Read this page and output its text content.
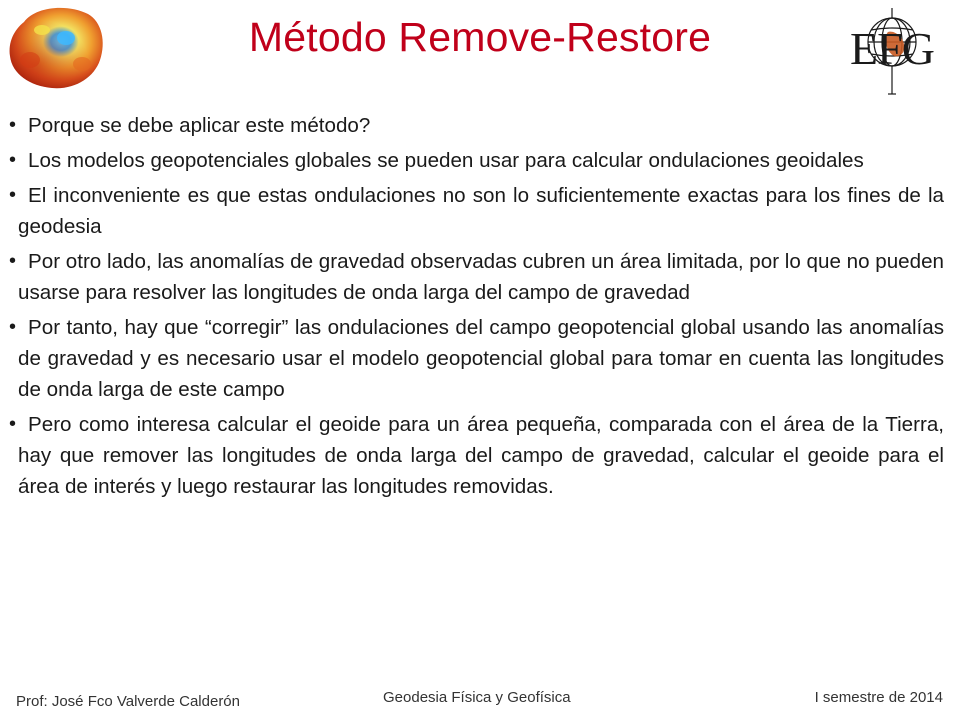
Método Remove-Restore	EFG

• Porque se debe aplicar este método?

• Los modelos geopotenciales globales se pueden usar para calcular ondulaciones geoidales

• El inconveniente es que estas ondulaciones no son lo suficientemente exactas para los fines de la geodesia

• Por otro lado, las anomalías de gravedad observadas cubren un área limitada, por lo que no pueden usarse para resolver las longitudes de onda larga del campo de gravedad

• Por tanto, hay que “corregir” las ondulaciones del campo geopotencial global usando las anomalías de gravedad y es necesario usar el modelo geopotencial global para tomar en cuenta las longitudes de onda larga de este campo

• Pero como interesa calcular el geoide para un área pequeña, comparada con el área de la Tierra, hay que remover las longitudes de onda larga del campo de gravedad, calcular el geoide para el área de interés y luego restaurar las longitudes removidas.

Prof: José Fco Valverde Calderón	Geodesia Física y Geofísica	I semestre de 2014
